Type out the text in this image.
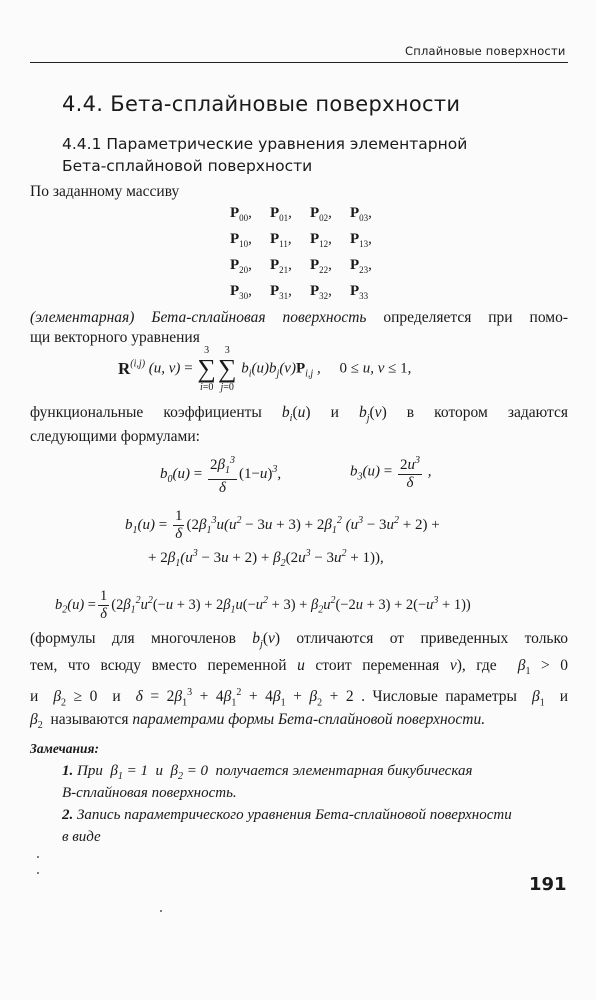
Сплайновые поверхности
4.4. Бета-сплайновые поверхности
4.4.1 Параметрические уравнения элементарной
Бета-сплайновой поверхности
По заданному массиву
$P_{00}$,	$P_{01}$,	$P_{02}$,	$P_{03}$,
$P_{10}$,	$P_{11}$,	$P_{12}$,	$P_{13}$,
$P_{20}$,	$P_{21}$,	$P_{22}$,	$P_{23}$,
$P_{30}$,	$P_{31}$,	$P_{32}$,	$P_{33}$
(элементарная) Бета-сплайновая поверхность определяется при помо-
щи векторного уравнения
R$^{(i,j)}$ (u, v) =
3
∑
i=0
3
∑
j=0
$b_i(u)b_j(v)P_{i,j}$ ,     0 ≤ u, v ≤ 1,
функциональные коэффициенты $b_i(u)$ и $b_j(v)$ в котором задаются
следующими формулами:
$b_0(u) = \frac{2\beta_1^3}{\delta} (1-u)^3$,	$b_3(u) = \frac{2u^3}{\delta}$ ,
$b_1(u) = \frac{1}{\delta} (2\beta_1^3u(u^2 - 3u + 3) + 2\beta_1^2$ $(u^3 - 3u^2 + 2)$ +
+ $2\beta_1(u^3 - 3u + 2) + \beta_2(2u^3 - 3u^2 + 1)$),
$b_2(u) = \frac{1}{\delta} (2\beta_1^2u^2(-u + 3) + 2\beta_1u(-u^2 + 3) + \beta_2u^2(-2u + 3) + 2(-u^3 + 1))$
(формулы для многочленов $b_j(v)$ отличаются от приведенных только
тем, что всюду вместо переменной u стоит переменная v), где  $\beta_1 > 0$
и  $\beta_2 \ge 0$  и  $\delta = 2\beta_1^3 + 4\beta_1^2 + 4\beta_1 + \beta_2 + 2$ . Числовые параметры  $\beta_1$  и
$\beta_2$  называются параметрами формы Бета-сплайновой поверхности.
Замечания:
1. При  $\beta_1 = 1$  и  $\beta_2 = 0$  получается элементарная бикубическая
В-сплайновая поверхность.
2. Запись параметрического уравнения Бета-сплайновой поверхности
в виде
191
